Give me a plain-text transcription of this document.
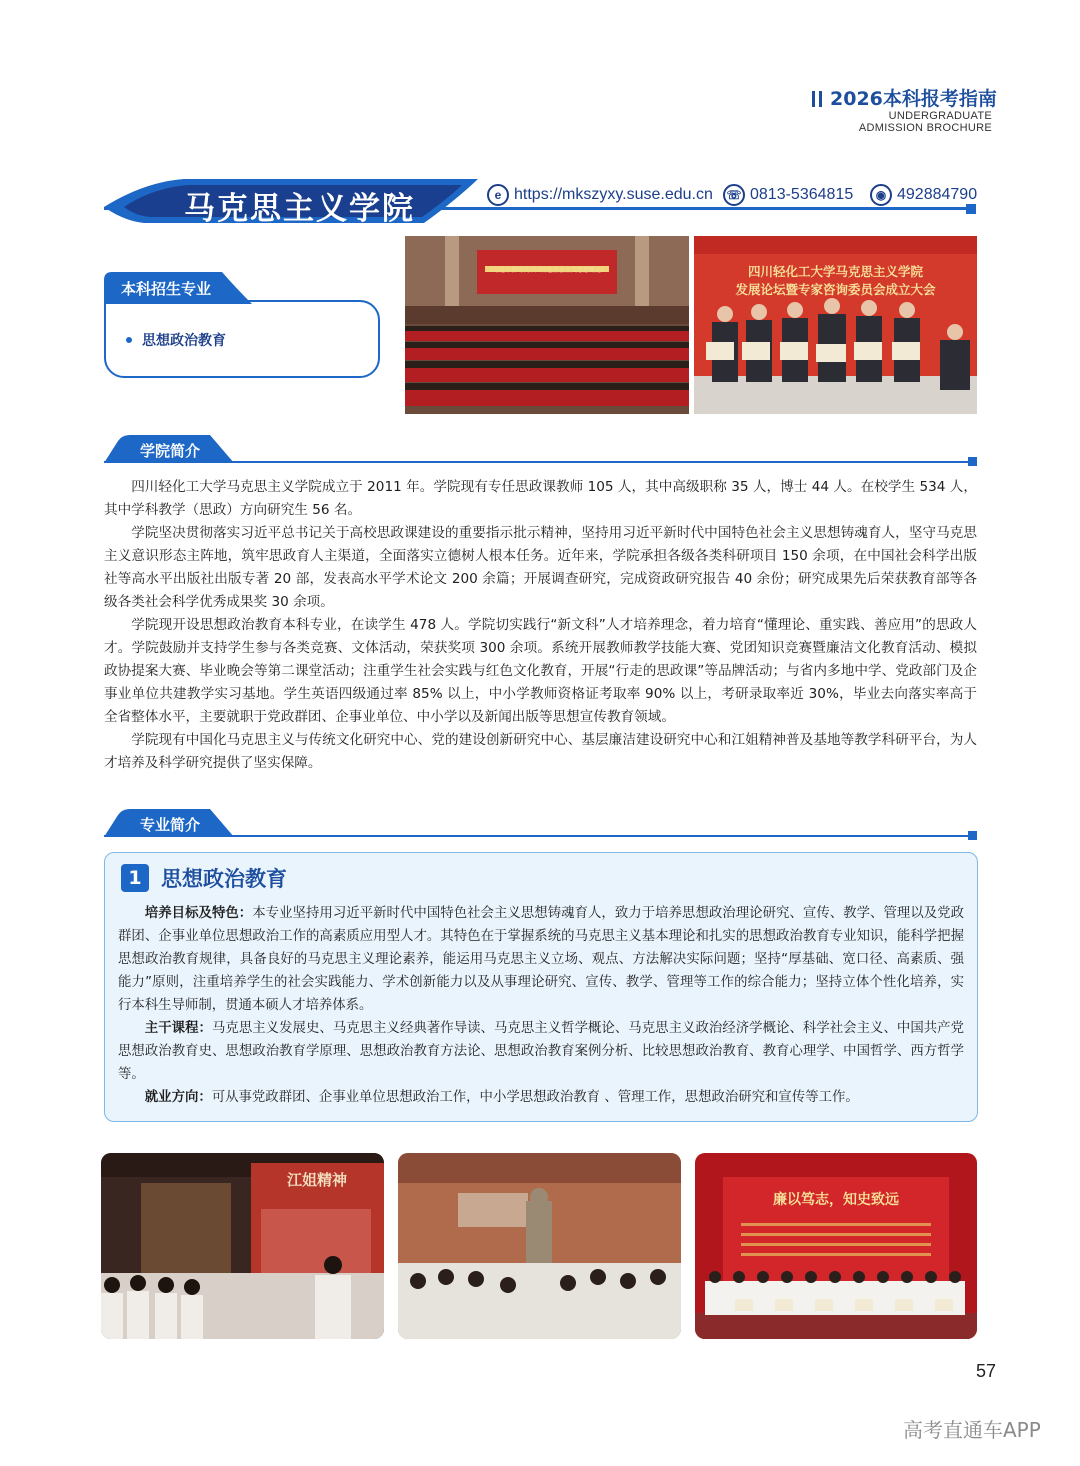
2026本科报考指南
UNDERGRADUATE
ADMISSION BROCHURE
马克思主义学院	e https://mkszyxy.suse.edu.cn ☏ 0813-5364815	◉ 492884790
本科招生专业
思想政治教育
《习近平新时代中国特色社会主义思想概论》	四川轻化工大学马克思主义学院
发展论坛暨专家咨询委员会成立大会
学院简介

四川轻化工大学马克思主义学院成立于 2011 年。学院现有专任思政课教师 105 人，其中高级职称 35 人，博士 44 人。在校学生 534 人，其中学科教学（思政）方向研究生 56 名。

学院坚决贯彻落实习近平总书记关于高校思政课建设的重要指示批示精神，坚持用习近平新时代中国特色社会主义思想铸魂育人，坚守马克思主义意识形态主阵地，筑牢思政育人主渠道，全面落实立德树人根本任务。近年来，学院承担各级各类科研项目 150 余项，在中国社会科学出版社等高水平出版社出版专著 20 部，发表高水平学术论文 200 余篇；开展调查研究，完成资政研究报告 40 余份；研究成果先后荣获教育部等各级各类社会科学优秀成果奖 30 余项。

学院现开设思想政治教育本科专业，在读学生 478 人。学院切实践行“新文科”人才培养理念，着力培育“懂理论、重实践、善应用”的思政人才。学院鼓励并支持学生参与各类竞赛、文体活动，荣获奖项 300 余项。系统开展教师教学技能大赛、党团知识竞赛暨廉洁文化教育活动、模拟政协提案大赛、毕业晚会等第二课堂活动；注重学生社会实践与红色文化教育，开展“行走的思政课”等品牌活动；与省内多地中学、党政部门及企事业单位共建教学实习基地。学生英语四级通过率 85% 以上，中小学教师资格证考取率 90% 以上，考研录取率近 30%，毕业去向落实率高于全省整体水平，主要就职于党政群团、企事业单位、中小学以及新闻出版等思想宣传教育领域。

学院现有中国化马克思主义与传统文化研究中心、党的建设创新研究中心、基层廉洁建设研究中心和江姐精神普及基地等教学科研平台，为人才培养及科学研究提供了坚实保障。

专业简介
1 思想政治教育

培养目标及特色：本专业坚持用习近平新时代中国特色社会主义思想铸魂育人，致力于培养思想政治理论研究、宣传、教学、管理以及党政群团、企事业单位思想政治工作的高素质应用型人才。其特色在于掌握系统的马克思主义基本理论和扎实的思想政治教育专业知识，能科学把握思想政治教育规律，具备良好的马克思主义理论素养，能运用马克思主义立场、观点、方法解决实际问题；坚持“厚基础、宽口径、高素质、强能力”原则，注重培养学生的社会实践能力、学术创新能力以及从事理论研究、宣传、教学、管理等工作的综合能力；坚持立体个性化培养，实行本科生导师制，贯通本硕人才培养体系。

主干课程：马克思主义发展史、马克思主义经典著作导读、马克思主义哲学概论、马克思主义政治经济学概论、科学社会主义、中国共产党思想政治教育史、思想政治教育学原理、思想政治教育方法论、思想政治教育案例分析、比较思想政治教育、教育心理学、中国哲学、西方哲学等。

就业方向：可从事党政群团、企事业单位思想政治工作，中小学思想政治教育 、管理工作，思想政治研究和宣传等工作。

江姐精神
廉以笃志，知史致远
57
高考直通车APP
